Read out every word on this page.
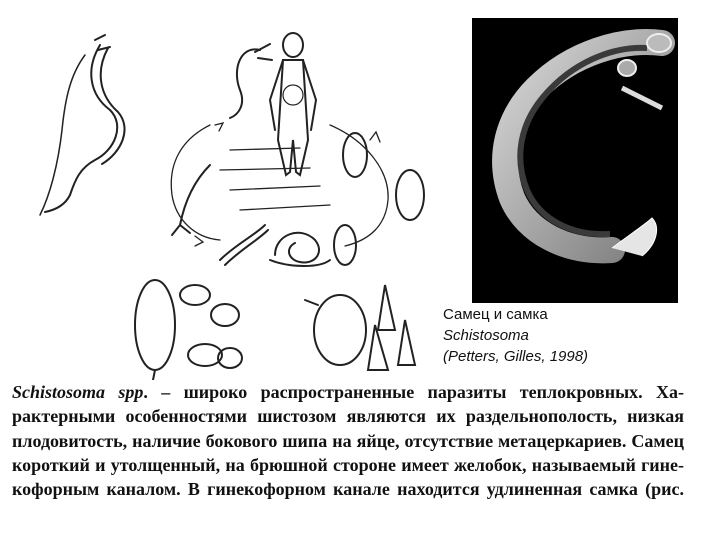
Самец и самка
Schistosoma
(Petters, Gilles, 1998)
Schistosoma spp. – широко распространенные паразиты теплокровных. Ха-
рактерными особенностями шистозом являются их раздельнополость, низкая
плодовитость, наличие бокового шипа на яйце, отсутствие метацеркариев. Самец
короткий и утолщенный, на брюшной стороне имеет желобок, называемый гине-
кофорным каналом. В гинекофорном канале находится удлиненная самка (рис.
